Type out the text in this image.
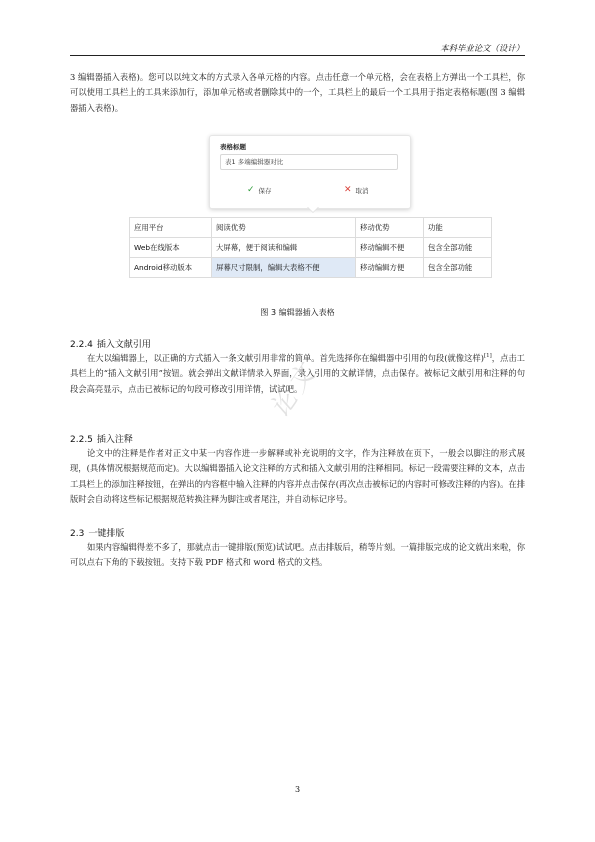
本科毕业论文（设计）
3 编辑器插入表格)。您可以以纯文本的方式录入各单元格的内容。点击任意一个单元格，会在表格上方弹出一个工具栏，你可以使用工具栏上的工具来添加行，添加单元格或者删除其中的一个，工具栏上的最后一个工具用于指定表格标题(图 3 编辑器插入表格)。
表格标题
表1 多端编辑器对比
✓ 保存	✕ 取消
应用平台	阅读优势	移动优势	功能
Web在线版本	大屏幕，便于阅读和编辑	移动编辑不便	包含全部功能
Android移动版本	屏幕尺寸限制，编辑大表格不便	移动编辑方便	包含全部功能
图 3 编辑器插入表格
2.2.4 插入文献引用
在大以编辑器上，以正确的方式插入一条文献引用非常的简单。首先选择你在编辑器中引用的句段(就像这样)[1]，点击工具栏上的“插入文献引用”按钮。就会弹出文献详情录入界面，录入引用的文献详情，点击保存。被标记文献引用和注释的句段会高亮显示，点击已被标记的句段可修改引用详情，试试吧。
2.2.5 插入注释
论文中的注释是作者对正文中某一内容作进一步解释或补充说明的文字，作为注释放在页下，一般会以脚注的形式展现，(具体情况根据规范而定)。大以编辑器插入论文注释的方式和插入文献引用的注释相同。标记一段需要注释的文本，点击工具栏上的添加注释按钮，在弹出的内容框中输入注释的内容并点击保存(再次点击被标记的内容时可修改注释的内容)。在排版时会自动将这些标记根据规范转换注释为脚注或者尾注，并自动标记序号。
2.3 一键排版
如果内容编辑得差不多了，那就点击一键排版(预览)试试吧。点击排版后，稍等片刻。一篇排版完成的论文就出来啦，你可以点右下角的下载按钮。支持下载 PDF 格式和 word 格式的文档。
论文
3
